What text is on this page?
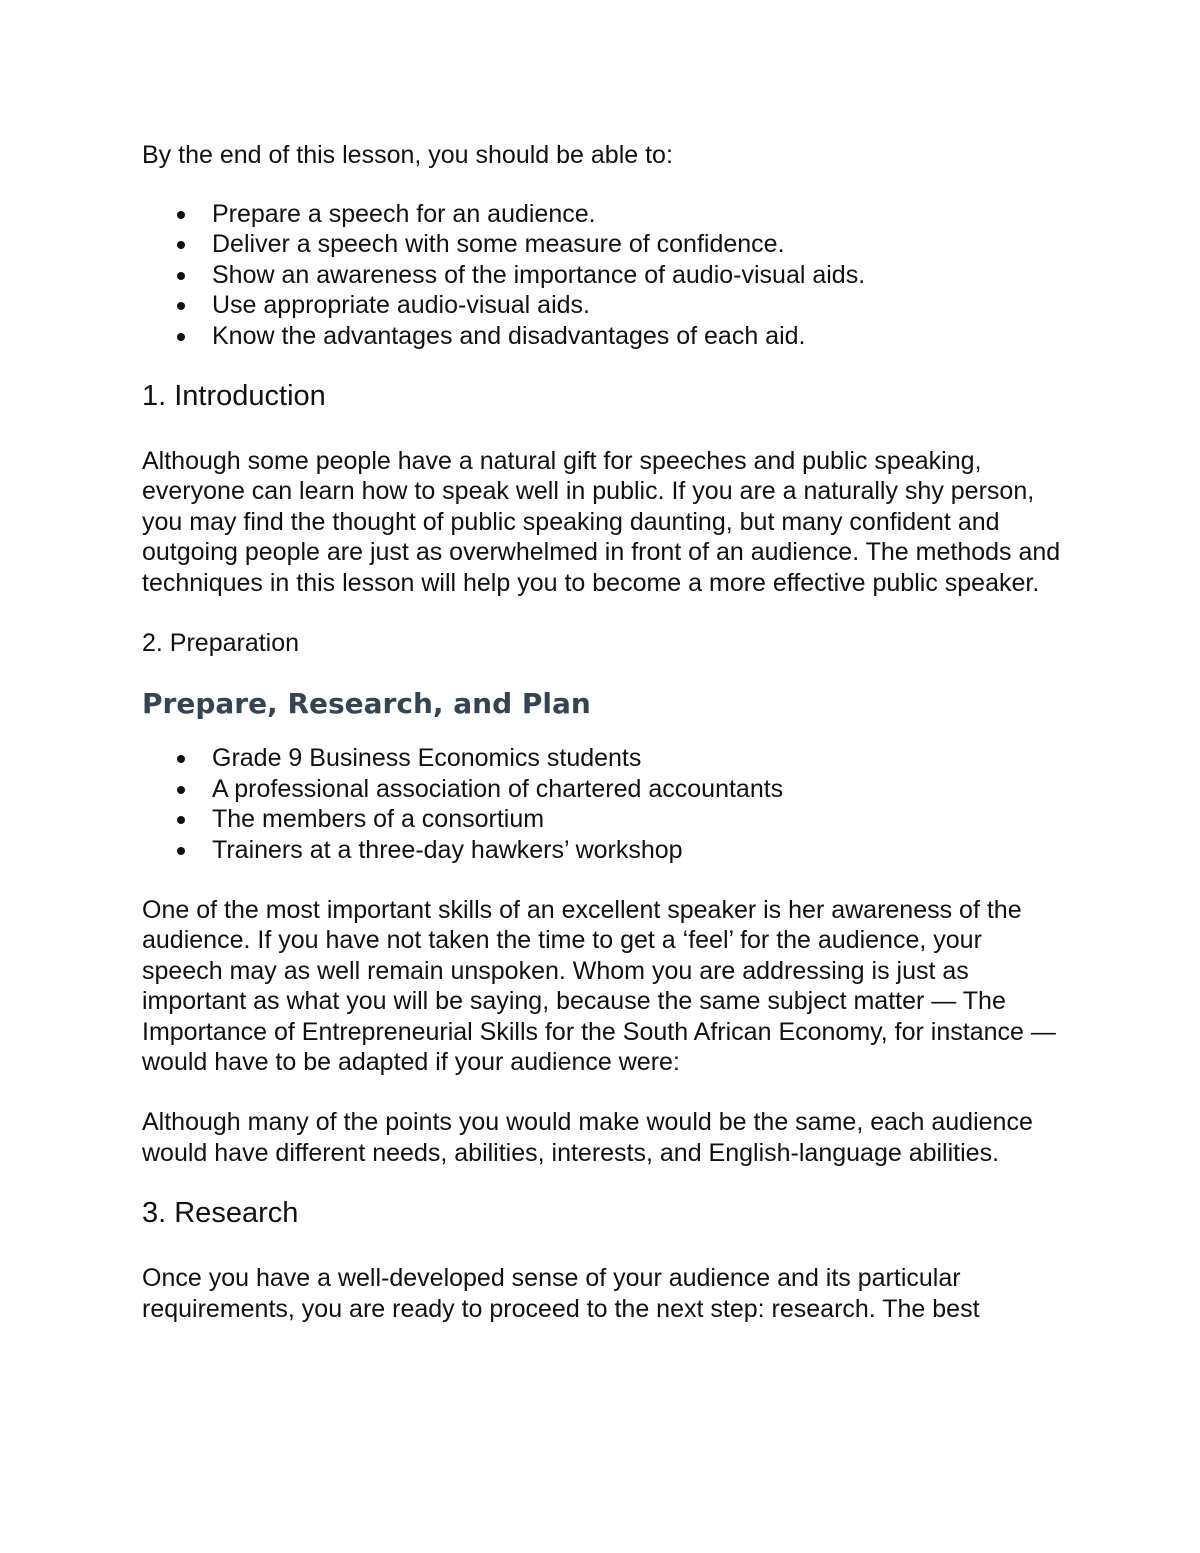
By the end of this lesson, you should be able to:

Prepare a speech for an audience.
Deliver a speech with some measure of confidence.
Show an awareness of the importance of audio-visual aids.
Use appropriate audio-visual aids.
Know the advantages and disadvantages of each aid.
1. Introduction

Although some people have a natural gift for speeches and public speaking, everyone can learn how to speak well in public. If you are a naturally shy person, you may find the thought of public speaking daunting, but many confident and outgoing people are just as overwhelmed in front of an audience. The methods and techniques in this lesson will help you to become a more effective public speaker.

2. Preparation
Prepare, Research, and Plan
Grade 9 Business Economics students
A professional association of chartered accountants
The members of a consortium
Trainers at a three-day hawkers’ workshop

One of the most important skills of an excellent speaker is her awareness of the audience. If you have not taken the time to get a ‘feel’ for the audience, your speech may as well remain unspoken. Whom you are addressing is just as important as what you will be saying, because the same subject matter — The Importance of Entrepreneurial Skills for the South African Economy, for instance — would have to be adapted if your audience were:

Although many of the points you would make would be the same, each audience would have different needs, abilities, interests, and English-language abilities.

3. Research

Once you have a well-developed sense of your audience and its particular requirements, you are ready to proceed to the next step: research. The best
